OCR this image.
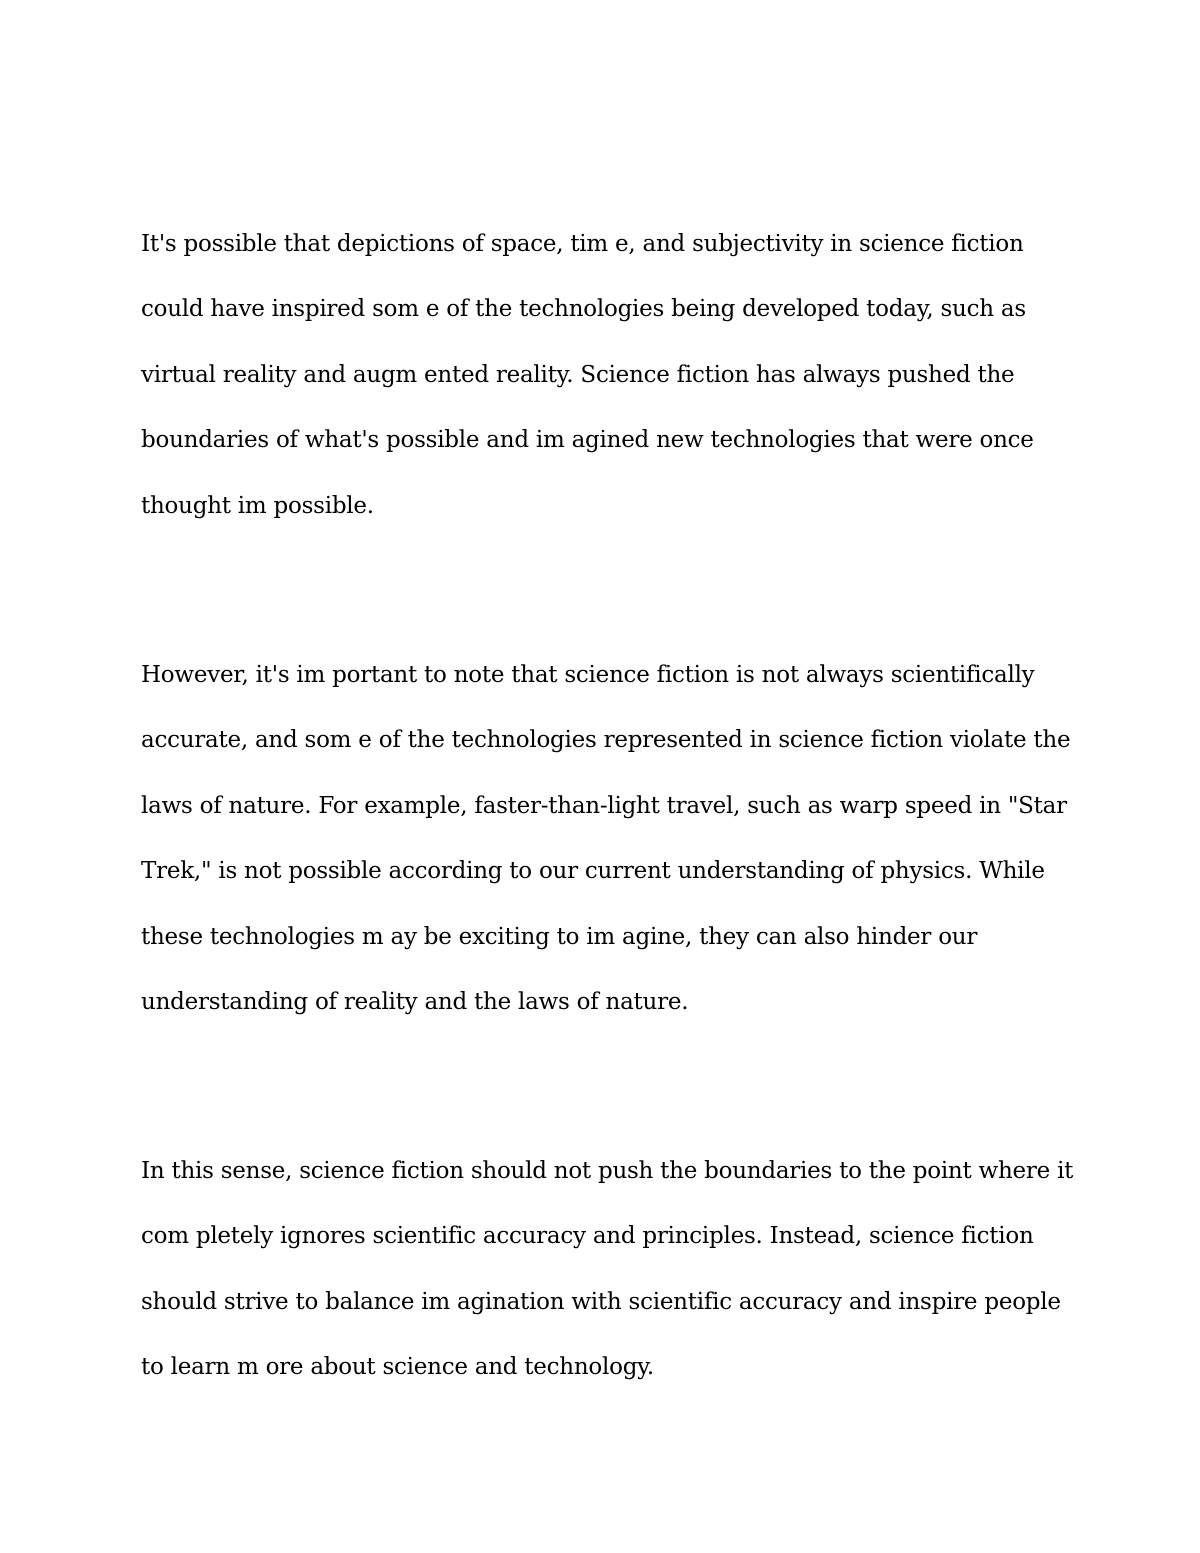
It's possible that depictions of space, tim e, and subjectivity in science fiction
could have inspired som e of the technologies being developed today, such as
virtual reality and augm ented reality. Science fiction has always pushed the
boundaries of what's possible and im agined new technologies that were once
thought im possible.
However, it's im portant to note that science fiction is not always scientifically
accurate, and som e of the technologies represented in science fiction violate the
laws of nature. For example, faster-than-light travel, such as warp speed in "Star
Trek," is not possible according to our current understanding of physics. While
these technologies m ay be exciting to im agine, they can also hinder our
understanding of reality and the laws of nature.
In this sense, science fiction should not push the boundaries to the point where it
com pletely ignores scientific accuracy and principles. Instead, science fiction
should strive to balance im agination with scientific accuracy and inspire people
to learn m ore about science and technology.
